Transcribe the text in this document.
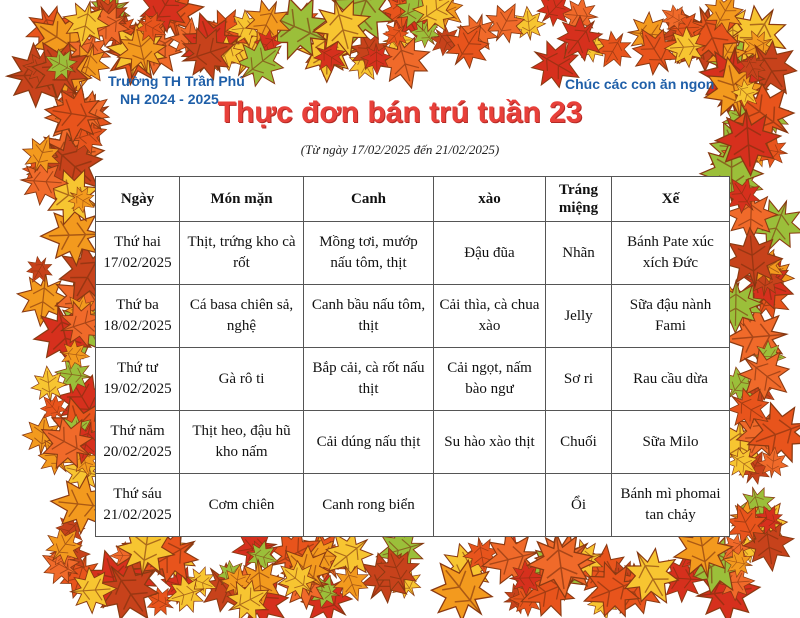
Trường TH Trần Phú
NH 2024 - 2025
Chúc các con ăn ngon
Thực đơn bán trú tuần 23
(Từ ngày 17/02/2025 đến 21/02/2025)
Ngày	Món mặn	Canh	xào	Tráng miệng	Xế
Thứ hai
17/02/2025	Thịt, trứng kho cà rốt	Mồng tơi, mướp nấu tôm, thịt	Đậu đũa	Nhãn	Bánh Pate xúc xích Đức
Thứ ba
18/02/2025	Cá basa chiên sả, nghệ	Canh bầu nấu tôm, thịt	Cải thìa, cà chua xào	Jelly	Sữa đậu nành Fami
Thứ tư
19/02/2025	Gà rô ti	Bắp cải, cà rốt nấu thịt	Cải ngọt, nấm bào ngư	Sơ ri	Rau cầu dừa
Thứ năm
20/02/2025	Thịt heo, đậu hũ kho nấm	Cải dúng nấu thịt	Su hào xào thịt	Chuối	Sữa Milo
Thứ sáu
21/02/2025	Cơm chiên	Canh rong biển		Ổi	Bánh mì phomai tan chảy
